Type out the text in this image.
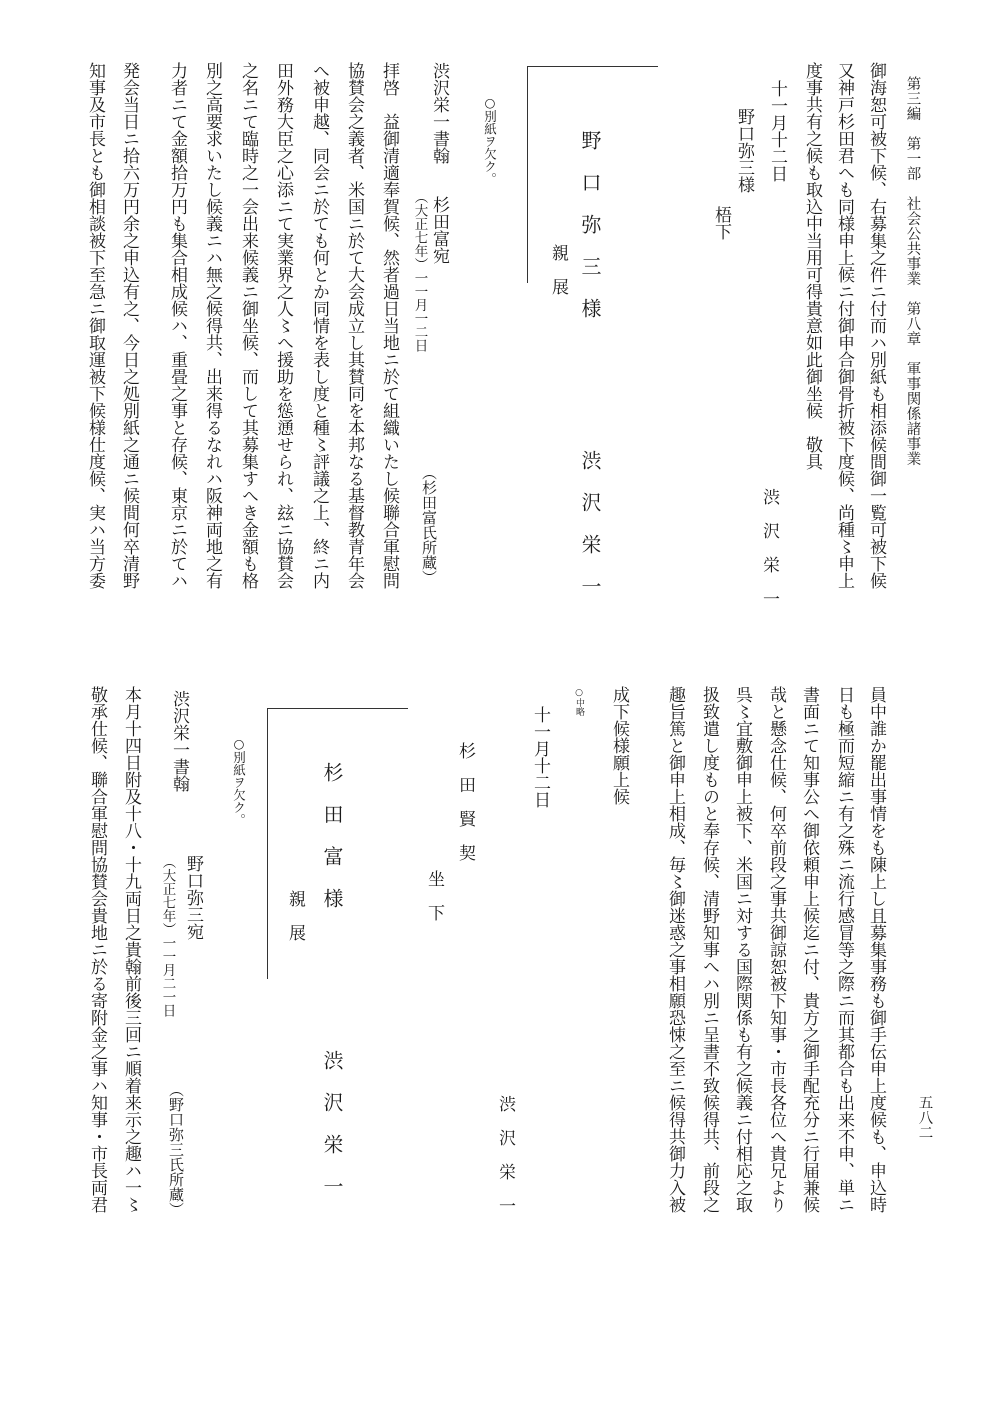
第三編　第一部　社会公共事業　第八章　軍事関係諸事業

五八二

御海恕可被下候、右募集之件ニ付而ハ別紙も相添候間御一覧可被下候

又神戸杉田君へも同様申上候ニ付御申合御骨折被下度候、尚種〻申上

度事共有之候も取込中当用可得貴意如此御坐候　敬具

十一月十二日

渋　沢　栄　一

野口弥三様

梧下

野　口　弥　三　様

親　展

渋　沢　栄　一

○別紙ヲ欠ク。

渋沢栄一書翰

杉田富宛

（大正七年）一一月一二日

（杉田富氏所蔵）

拝啓　益御清適奉賀候、然者過日当地ニ於て組織いたし候聯合軍慰問

協賛会之義者、米国ニ於て大会成立し其賛同を本邦なる基督教青年会

へ被申越、同会ニ於ても何とか同情を表し度と種〻評議之上、終ニ内

田外務大臣之心添ニて実業界之人〻へ援助を慫慂せられ、玆ニ協賛会

之名ニて臨時之一会出来候義ニ御坐候、而して其募集すへき金額も格

別之高要求いたし候義ニハ無之候得共、出来得るなれハ阪神両地之有

力者ニて金額拾万円も集合相成候ハ、重畳之事と存候、東京ニ於てハ

発会当日ニ拾六万円余之申込有之、今日之処別紙之通ニ候間何卒清野

知事及市長とも御相談被下至急ニ御取運被下候様仕度候、実ハ当方委

員中誰か罷出事情をも陳上し且募集事務も御手伝申上度候も、申込時

日も極而短縮ニ有之殊ニ流行感冒等之際ニ而其都合も出来不申、単ニ

書面ニて知事公へ御依頼申上候迄ニ付、貴方之御手配充分ニ行届兼候

哉と懸念仕候、何卒前段之事共御諒恕被下知事・市長各位へ貴兄より

呉〻宜敷御申上被下、米国ニ対する国際関係も有之候義ニ付相応之取

扱致遣し度ものと奉存候、清野知事へハ別ニ呈書不致候得共、前段之

趣旨篤と御申上相成、毎〻御迷惑之事相願恐悚之至ニ候得共御力入被

成下候様願上候

○中略

十一月十二日

渋　沢　栄　一

杉　田　賢　契

坐　下

杉　田　富　様

親　展

渋　沢　栄　一

○別紙ヲ欠ク。

渋沢栄一書翰

野口弥三宛

（大正七年）一一月二一日

（野口弥三氏所蔵）

本月十四日附及十八・十九両日之貴翰前後三回ニ順着来示之趣ハ一〻

敬承仕候、聯合軍慰問協賛会貴地ニ於る寄附金之事ハ知事・市長両君
